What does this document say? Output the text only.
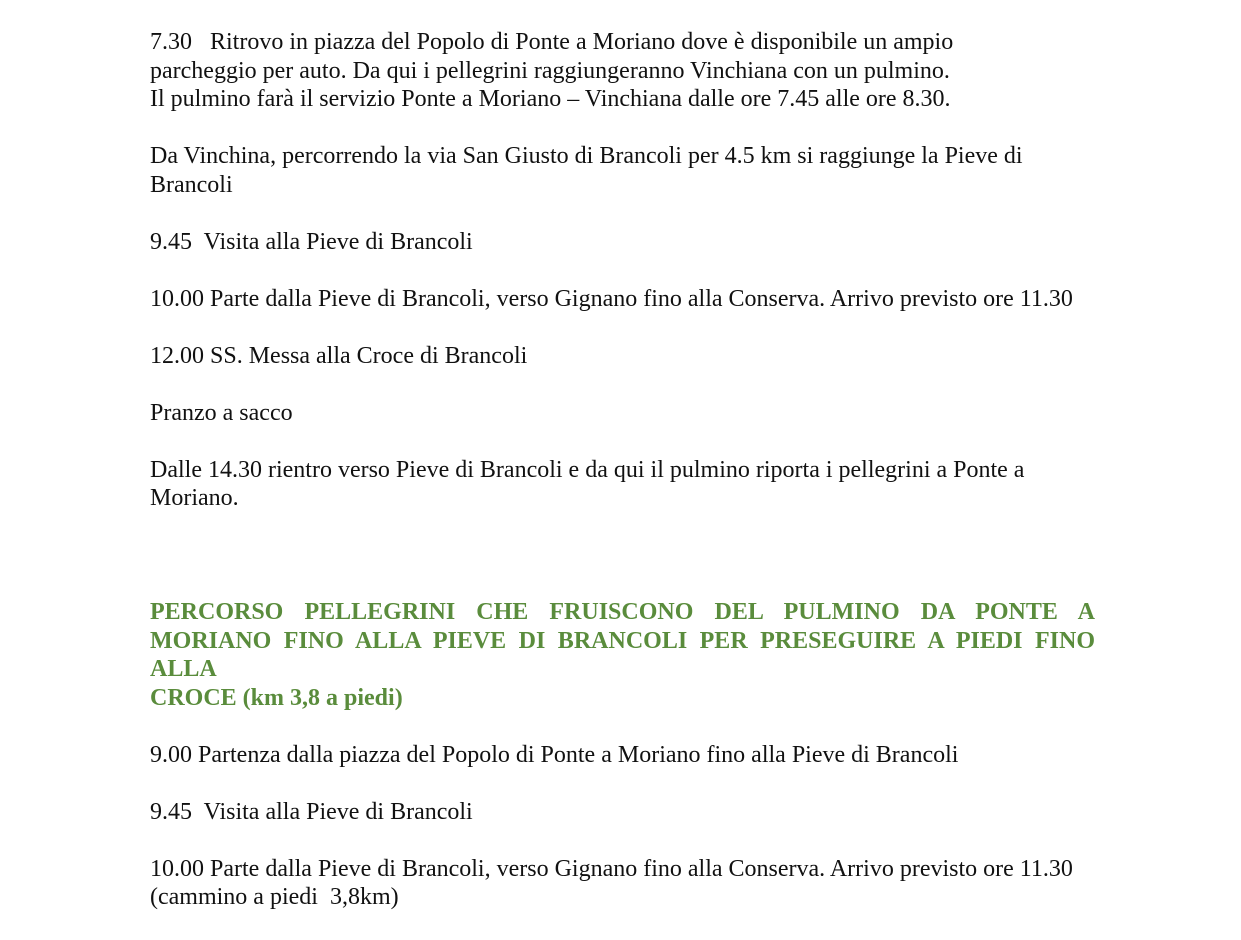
7.30   Ritrovo in piazza del Popolo di Ponte a Moriano dove è disponibile un ampio
parcheggio per auto. Da qui i pellegrini raggiungeranno Vinchiana con un pulmino.
Il pulmino farà il servizio Ponte a Moriano – Vinchiana dalle ore 7.45 alle ore 8.30.

Da Vinchina, percorrendo la via San Giusto di Brancoli per 4.5 km si raggiunge la Pieve di
Brancoli

9.45  Visita alla Pieve di Brancoli

10.00 Parte dalla Pieve di Brancoli, verso Gignano fino alla Conserva. Arrivo previsto ore 11.30

12.00 SS. Messa alla Croce di Brancoli

Pranzo a sacco

Dalle 14.30 rientro verso Pieve di Brancoli e da qui il pulmino riporta i pellegrini a Ponte a
Moriano.

PERCORSO PELLEGRINI CHE FRUISCONO DEL PULMINO DA PONTE A
MORIANO FINO ALLA PIEVE DI BRANCOLI PER PRESEGUIRE A PIEDI FINO ALLA
CROCE (km 3,8 a piedi)

9.00 Partenza dalla piazza del Popolo di Ponte a Moriano fino alla Pieve di Brancoli

9.45  Visita alla Pieve di Brancoli

10.00 Parte dalla Pieve di Brancoli, verso Gignano fino alla Conserva. Arrivo previsto ore 11.30
(cammino a piedi  3,8km)
